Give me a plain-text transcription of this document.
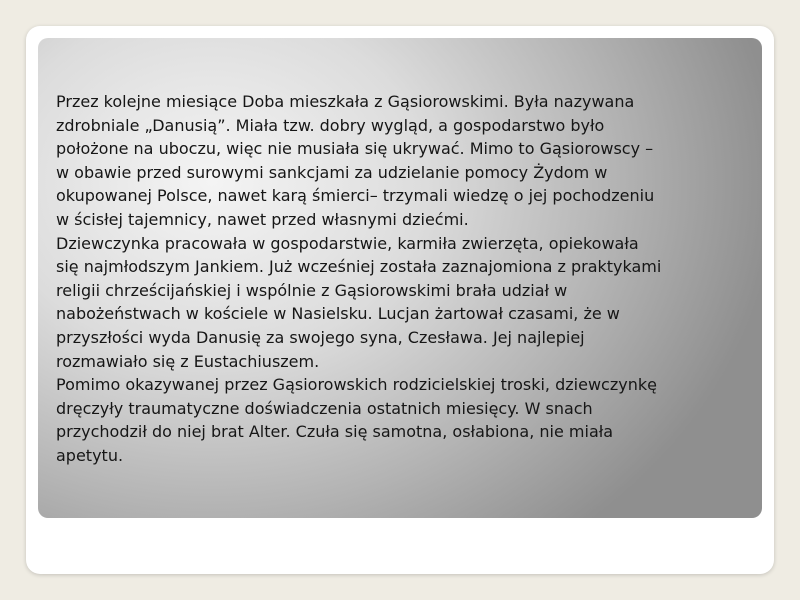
Przez kolejne miesiące Doba mieszkała z Gąsiorowskimi. Była nazywana
zdrobniale „Danusią”. Miała tzw. dobry wygląd, a gospodarstwo było
położone na uboczu, więc nie musiała się ukrywać. Mimo to Gąsiorowscy –
w obawie przed surowymi sankcjami za udzielanie pomocy Żydom w
okupowanej Polsce, nawet karą śmierci– trzymali wiedzę o jej pochodzeniu
w ścisłej tajemnicy, nawet przed własnymi dziećmi.
Dziewczynka pracowała w gospodarstwie, karmiła zwierzęta, opiekowała
się najmłodszym Jankiem. Już wcześniej została zaznajomiona z praktykami
religii chrześcijańskiej i wspólnie z Gąsiorowskimi brała udział w
nabożeństwach w kościele w Nasielsku. Lucjan żartował czasami, że w
przyszłości wyda Danusię za swojego syna, Czesława. Jej najlepiej
rozmawiało się z Eustachiuszem.
Pomimo okazywanej przez Gąsiorowskich rodzicielskiej troski, dziewczynkę
dręczyły traumatyczne doświadczenia ostatnich miesięcy. W snach
przychodził do niej brat Alter. Czuła się samotna, osłabiona, nie miała
apetytu.
